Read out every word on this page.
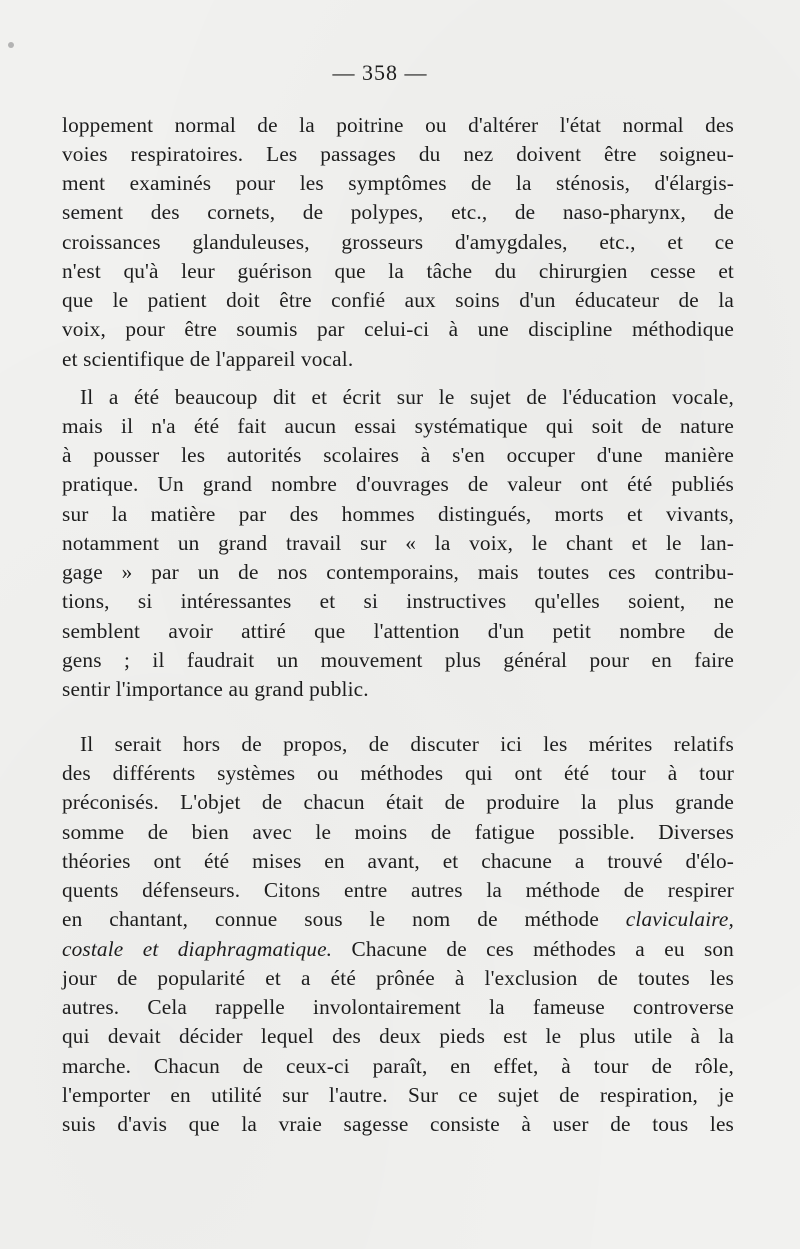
— 358 —
loppement normal de la poitrine ou d'altérer l'état normal des
voies respiratoires. Les passages du nez doivent être soigneu-
ment examinés pour les symptômes de la sténosis, d'élargis-
sement des cornets, de polypes, etc., de naso-pharynx, de
croissances glanduleuses, grosseurs d'amygdales, etc., et ce
n'est qu'à leur guérison que la tâche du chirurgien cesse et
que le patient doit être confié aux soins d'un éducateur de la
voix, pour être soumis par celui-ci à une discipline méthodique
et scientifique de l'appareil vocal.
Il a été beaucoup dit et écrit sur le sujet de l'éducation vocale,
mais il n'a été fait aucun essai systématique qui soit de nature
à pousser les autorités scolaires à s'en occuper d'une manière
pratique. Un grand nombre d'ouvrages de valeur ont été publiés
sur la matière par des hommes distingués, morts et vivants,
notamment un grand travail sur « la voix, le chant et le lan-
gage » par un de nos contemporains, mais toutes ces contribu-
tions, si intéressantes et si instructives qu'elles soient, ne
semblent avoir attiré que l'attention d'un petit nombre de
gens ; il faudrait un mouvement plus général pour en faire
sentir l'importance au grand public.
Il serait hors de propos, de discuter ici les mérites relatifs
des différents systèmes ou méthodes qui ont été tour à tour
préconisés. L'objet de chacun était de produire la plus grande
somme de bien avec le moins de fatigue possible. Diverses
théories ont été mises en avant, et chacune a trouvé d'élo-
quents défenseurs. Citons entre autres la méthode de respirer
en chantant, connue sous le nom de méthode claviculaire,
costale et diaphragmatique. Chacune de ces méthodes a eu son
jour de popularité et a été prônée à l'exclusion de toutes les
autres. Cela rappelle involontairement la fameuse controverse
qui devait décider lequel des deux pieds est le plus utile à la
marche. Chacun de ceux-ci paraît, en effet, à tour de rôle,
l'emporter en utilité sur l'autre. Sur ce sujet de respiration, je
suis d'avis que la vraie sagesse consiste à user de tous les
